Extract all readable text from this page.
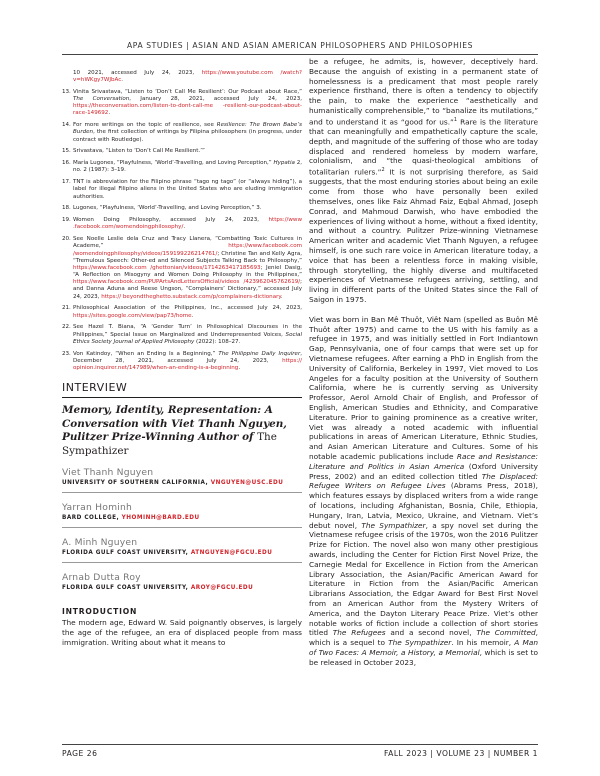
APA STUDIES | ASIAN AND ASIAN AMERICAN PHILOSOPHERS AND PHILOSOPHIES
10 2021, accessed July 24, 2023, https://www.youtube.com /watch?v=hWKgy7WJbAc.
13. Vinita Srivastava, “Listen to ‘Don’t Call Me Resilient’: Our Podcast about Race,” The Conversation, January 28, 2021, accessed July 24, 2023, https://theconversation.com/listen-to-dont-call-me -resilient-our-podcast-about-race-149692.
14. For more writings on the topic of resilience, see Resilience: The Brown Babe’s Burden, the first collection of writings by Filipina philosophers (in progress, under contract with Routledge).
15. Srivastava, “Listen to ‘Don’t Call Me Resilient.’”
16. María Lugones, “Playfulness, ‘World’-Travelling, and Loving Perception,” Hypatia 2, no. 2 (1987): 3–19.
17. TNT is abbreviation for the Filipino phrase “tago ng tago” (or “always hiding”), a label for illegal Filipino aliens in the United States who are eluding immigration authorities.
18. Lugones, “Playfulness, ‘World’-Travelling, and Loving Perception,” 3.
19. Women Doing Philosophy, accessed July 24, 2023, https://www .facebook.com/womendoingphilosophy/.
20. See Noelle Leslie dela Cruz and Tracy Llanera, “Combatting Toxic Cultures in Academe,” https://www.facebook.com /womendoingphilosophy/videos/159199226214761/; Christine Tan and Kelly Agra, “Tremulous Speech: Other-ed and Silenced Subjects Talking Back to Philosophy,” https://www.facebook.com /ghettonian/videos/1714263417185693; Jeniel Dasig, “A Reflection on Misogyny and Women Doing Philosophy in the Philippines,” https://www.facebook.com/PUPArtsAndLettersOfficial/videos /423962045762619/; and Danna Aduna and Reese Ungson, “Complainers’ Dictionary,” accessed July 24, 2023, https:// beyondtheghetto.substack.com/p/complainers-dictionary.
21. Philosophical Association of the Philippines, Inc., accessed July 24, 2023, https://sites.google.com/view/pap73/home.
22. See Hazel T. Biana, “A ‘Gender Turn’ in Philosophical Discourses in the Philippines,” Special Issue on Marginalized and Underrepresented Voices, Social Ethics Society Journal of Applied Philosophy (2022): 108–27.
23. Von Katindoy, “When an Ending Is a Beginning,” The Philippine Daily Inquirer, December 28, 2021, accessed July 24, 2023, https:// opinion.inquirer.net/147989/when-an-ending-is-a-beginning.
INTERVIEW
Memory, Identity, Representation: A Conversation with Viet Thanh Nguyen, Pulitzer Prize-Winning Author of The Sympathizer
Viet Thanh Nguyen
UNIVERSITY OF SOUTHERN CALIFORNIA, VNGUYEN@USC.EDU
Yarran Hominh
BARD COLLEGE, YHOMINH@BARD.EDU
A. Minh Nguyen
FLORIDA GULF COAST UNIVERSITY, ATNGUYEN@FGCU.EDU
Arnab Dutta Roy
FLORIDA GULF COAST UNIVERSITY, AROY@FGCU.EDU
INTRODUCTION

The modern age, Edward W. Said poignantly observes, is largely the age of the refugee, an era of displaced people from mass immigration. Writing about what it means to

be a refugee, he admits, is, however, deceptively hard. Because the anguish of existing in a permanent state of homelessness is a predicament that most people rarely experience firsthand, there is often a tendency to objectify the pain, to make the experience “aesthetically and humanistically comprehensible,” to “banalize its mutilations,” and to understand it as “good for us.”$^1$ Rare is the literature that can meaningfully and empathetically capture the scale, depth, and magnitude of the suffering of those who are today displaced and rendered homeless by modern warfare, colonialism, and “the quasi-theological ambitions of totalitarian rulers.”$^2$ It is not surprising therefore, as Said suggests, that the most enduring stories about being an exile come from those who have personally been exiled themselves, ones like Faiz Ahmad Faiz, Eqbal Ahmad, Joseph Conrad, and Mahmoud Darwish, who have embodied the experiences of living without a home, without a fixed identity, and without a country. Pulitzer Prize-winning Vietnamese American writer and academic Viet Thanh Nguyen, a refugee himself, is one such rare voice in American literature today, a voice that has been a relentless force in making visible, through storytelling, the highly diverse and multifaceted experiences of Vietnamese refugees arriving, settling, and living in different parts of the United States since the Fall of Saigon in 1975.

Viet was born in Ban Mê Thuôt, Viêt Nam (spelled as Buôn Mê Thuôt after 1975) and came to the US with his family as a refugee in 1975, and was initially settled in Fort Indiantown Gap, Pennsylvania, one of four camps that were set up for Vietnamese refugees. After earning a PhD in English from the University of California, Berkeley in 1997, Viet moved to Los Angeles for a faculty position at the University of Southern California, where he is currently serving as University Professor, Aerol Arnold Chair of English, and Professor of English, American Studies and Ethnicity, and Comparative Literature. Prior to gaining prominence as a creative writer, Viet was already a noted academic with influential publications in areas of American Literature, Ethnic Studies, and Asian American Literature and Cultures. Some of his notable academic publications include Race and Resistance: Literature and Politics in Asian America (Oxford University Press, 2002) and an edited collection titled The Displaced: Refugee Writers on Refugee Lives (Abrams Press, 2018), which features essays by displaced writers from a wide range of locations, including Afghanistan, Bosnia, Chile, Ethiopia, Hungary, Iran, Latvia, Mexico, Ukraine, and Vietnam. Viet’s debut novel, The Sympathizer, a spy novel set during the Vietnamese refugee crisis of the 1970s, won the 2016 Pulitzer Prize for Fiction. The novel also won many other prestigious awards, including the Center for Fiction First Novel Prize, the Carnegie Medal for Excellence in Fiction from the American Library Association, the Asian/Pacific American Award for Literature in Fiction from the Asian/Pacific American Librarians Association, the Edgar Award for Best First Novel from an American Author from the Mystery Writers of America, and the Dayton Literary Peace Prize. Viet’s other notable works of fiction include a collection of short stories titled The Refugees and a second novel, The Committed, which is a sequel to The Sympathizer. In his memoir, A Man of Two Faces: A Memoir, a History, a Memorial, which is set to be released in October 2023,

PAGE 26	FALL 2023 | VOLUME 23 | NUMBER 1
